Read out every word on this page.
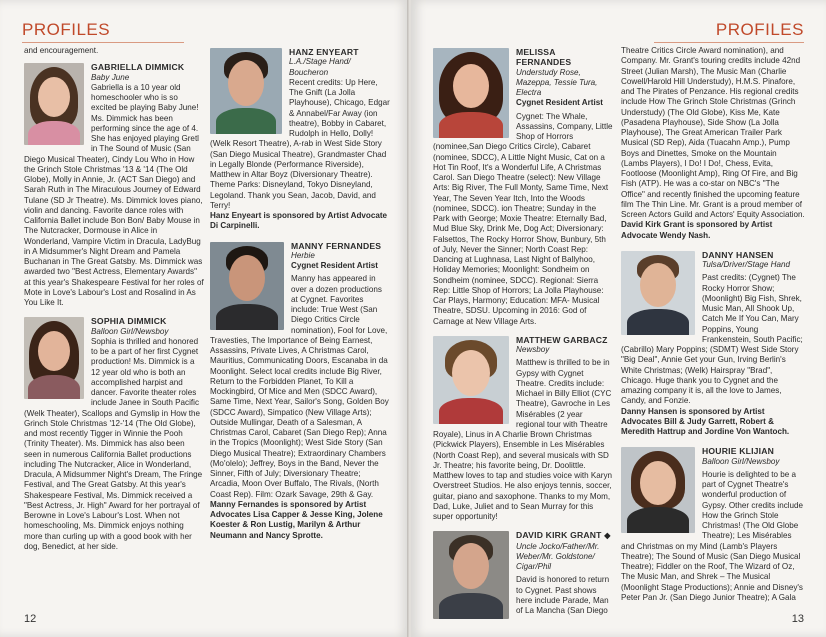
PROFILES

and encouragement.

GABRIELLA DIMMICK
Baby June

Gabriella is a 10 year old homeschooler who is so excited be playing Baby June! Ms. Dimmick has been performing since the age of 4. She has enjoyed playing Gretl in The Sound of Music (San Diego Musical Theater), Cindy Lou Who in How the Grinch Stole Christmas '13 & '14 (The Old Globe), Molly in Annie, Jr. (ACT San Diego) and Sarah Ruth in The Miraculous Journey of Edward Tulane (SD Jr Theatre). Ms. Dimmick loves piano, violin and dancing. Favorite dance roles with California Ballet include Bon Bon/ Baby Mouse in The Nutcracker, Dormouse in Alice in Wonderland, Vampire Victim in Dracula, LadyBug in A Midsummer's Night Dream and Pamela Buchanan in The Great Gatsby. Ms. Dimmick was awarded two "Best Actress, Elementary Awards" at this year's Shakespeare Festival for her roles of Mote in Love's Labour's Lost and Rosalind in As You Like It.

SOPHIA DIMMICK
Balloon Girl/Newsboy

Sophia is thrilled and honored to be a part of her first Cygnet production! Ms. Dimmick is a 12 year old who is both an accomplished harpist and dancer. Favorite theater roles include Janee in South Pacific (Welk Theater), Scallops and Gymslip in How the Grinch Stole Christmas '12-'14 (The Old Globe), and most recently Tigger in Winnie the Pooh (Trinity Theater). Ms. Dimmick has also been seen in numerous California Ballet productions including The Nutcracker, Alice in Wonderland, Dracula, A Midsummer Night's Dream, The Fringe Festival, and The Great Gatsby. At this year's Shakespeare Festival, Ms. Dimmick received a "Best Actress, Jr. High" Award for her portrayal of Berowne in Love's Labour's Lost. When not homeschooling, Ms. Dimmick enjoys nothing more than curling up with a good book with her dog, Benedict, at her side.

HANZ ENYEART
L.A./Stage Hand/ Boucheron

Recent credits: Up Here, The Gnift (La Jolla Playhouse), Chicago, Edgar & Annabel/Far Away (ion theatre), Bobby in Cabaret, Rudolph in Hello, Dolly! (Welk Resort Theatre), A-rab in West Side Story (San Diego Musical Theatre), Grandmaster Chad in Legally Blonde (Performance Riverside), Matthew in Altar Boyz (Diversionary Theatre). Theme Parks: Disneyland, Tokyo Disneyland, Legoland. Thank you Sean, Jacob, David, and Terry!

Hanz Enyeart is sponsored by Artist Advocate Di Carpinelli.

MANNY FERNANDES
Herbie
Cygnet Resident Artist

Manny has appeared in over a dozen productions at Cygnet. Favorites include: True West (San Diego Critics Circle nomination), Fool for Love, Travesties, The Importance of Being Earnest, Assassins, Private Lives, A Christmas Carol, Mauritius, Communicating Doors, Escanaba in da Moonlight. Select local credits include Big River, Return to the Forbidden Planet, To Kill a Mockingbird, Of Mice and Men (SDCC Award), Same Time, Next Year, Sailor's Song, Golden Boy (SDCC Award), Simpatico (New Village Arts); Outside Mullingar, Death of a Salesman, A Christmas Carol, Cabaret (San Diego Rep); Anna in the Tropics (Moonlight); West Side Story (San Diego Musical Theatre); Extraordinary Chambers (Mo'olelo); Jeffrey, Boys in the Band, Never the Sinner, Fifth of July; Diversionary Theatre; Arcadia, Moon Over Buffalo, The Rivals, (North Coast Rep). Film: Ozark Savage, 29th & Gay.

Manny Fernandes is sponsored by Artist Advocates Lisa Capper & Jesse King, Jolene Koester & Ron Lustig, Marilyn & Arthur Neumann and Nancy Sprotte.

12
PROFILES
MELISSA FERNANDES
Understudy Rose, Mazeppa, Tessie Tura, Electra
Cygnet Resident Artist

Cygnet: The Whale, Assassins, Company, Little Shop of Horrors (nominee,San Diego Critics Circle), Cabaret (nominee, SDCC), A Little Night Music, Cat on a Hot Tin Roof, It's a Wonderful Life, A Christmas Carol. San Diego Theatre (select): New Village Arts: Big River, The Full Monty, Same Time, Next Year, The Seven Year Itch, Into the Woods (nominee, SDCC). ion Theatre; Sunday in the Park with George; Moxie Theatre: Eternally Bad, Mud Blue Sky, Drink Me, Dog Act; Diversionary: Falsettos, The Rocky Horror Show, Bunbury, 5th of July, Never the Sinner; North Coast Rep: Dancing at Lughnasa, Last Night of Ballyhoo, Holiday Memories; Moonlight: Sondheim on Sondheim (nominee, SDCC). Regional: Sierra Rep: Little Shop of Horrors; La Jolla Playhouse: Car Plays, Harmony; Education: MFA- Musical Theatre, SDSU. Upcoming in 2016: God of Carnage at New Village Arts.

MATTHEW GARBACZ
Newsboy

Matthew is thrilled to be in Gypsy with Cygnet Theatre. Credits include: Michael in Billy Elliot (CYC Theatre), Gavroche in Les Misérables (2 year regional tour with Theatre Royale), Linus in A Charlie Brown Christmas (Pickwick Players), Ensemble in Les Misérables (North Coast Rep), and several musicals with SD Jr. Theatre; his favorite being, Dr. Doolittle. Matthew loves to tap and studies voice with Karyn Overstreet Studios. He also enjoys tennis, soccer, guitar, piano and saxophone. Thanks to my Mom, Dad, Luke, Juliet and to Sean Murray for this super opportunity!

DAVID KIRK GRANT ◆
Uncle Jocko/Father/Mr. Weber/Mr. Goldstone/ Cigar/Phil

David is honored to return to Cygnet. Past shows here include Parade, Man of La Mancha (San Diego

Theatre Critics Circle Award nomination), and Company. Mr. Grant's touring credits include 42nd Street (Julian Marsh), The Music Man (Charlie Cowell/Harold Hill Understudy), H.M.S. Pinafore, and The Pirates of Penzance. His regional credits include How The Grinch Stole Christmas (Grinch Understudy) (The Old Globe), Kiss Me, Kate (Pasadena Playhouse), Side Show (La Jolla Playhouse), The Great American Trailer Park Musical (SD Rep), Aida (Tuacahn Amp.), Pump Boys and Dinettes, Smoke on the Mountain (Lambs Players), I Do! I Do!, Chess, Evita, Footloose (Moonlight Amp), Ring Of Fire, and Big Fish (ATP). He was a co-star on NBC's "The Office" and recently finished the upcoming feature film The Thin Line. Mr. Grant is a proud member of Screen Actors Guild and Actors' Equity Association.

David Kirk Grant is sponsored by Artist Advocate Wendy Nash.

DANNY HANSEN
Tulsa/Driver/Stage Hand

Past credits: (Cygnet) The Rocky Horror Show; (Moonlight) Big Fish, Shrek, Music Man, All Shook Up, Catch Me If You Can, Mary Poppins, Young Frankenstein, South Pacific; (Cabrillo) Mary Poppins; (SDMT) West Side Story "Big Deal", Annie Get your Gun, Irving Berlin's White Christmas; (Welk) Hairspray "Brad", Chicago. Huge thank you to Cygnet and the amazing company it is, all the love to James, Candy, and Fonzie.

Danny Hansen is sponsored by Artist Advocates Bill & Judy Garrett, Robert & Meredith Hattrup and Jordine Von Wantoch.

HOURIE KLIJIAN
Balloon Girl/Newsboy

Hourie is delighted to be a part of Cygnet Theatre's wonderful production of Gypsy. Other credits include How the Grinch Stole Christmas! (The Old Globe Theatre); Les Misérables and Christmas on my Mind (Lamb's Players Theatre); The Sound of Music (San Diego Musical Theatre); Fiddler on the Roof, The Wizard of Oz, The Music Man, and Shrek – The Musical (Moonlight Stage Productions); Annie and Disney's Peter Pan Jr. (San Diego Junior Theatre); A Gala

13
